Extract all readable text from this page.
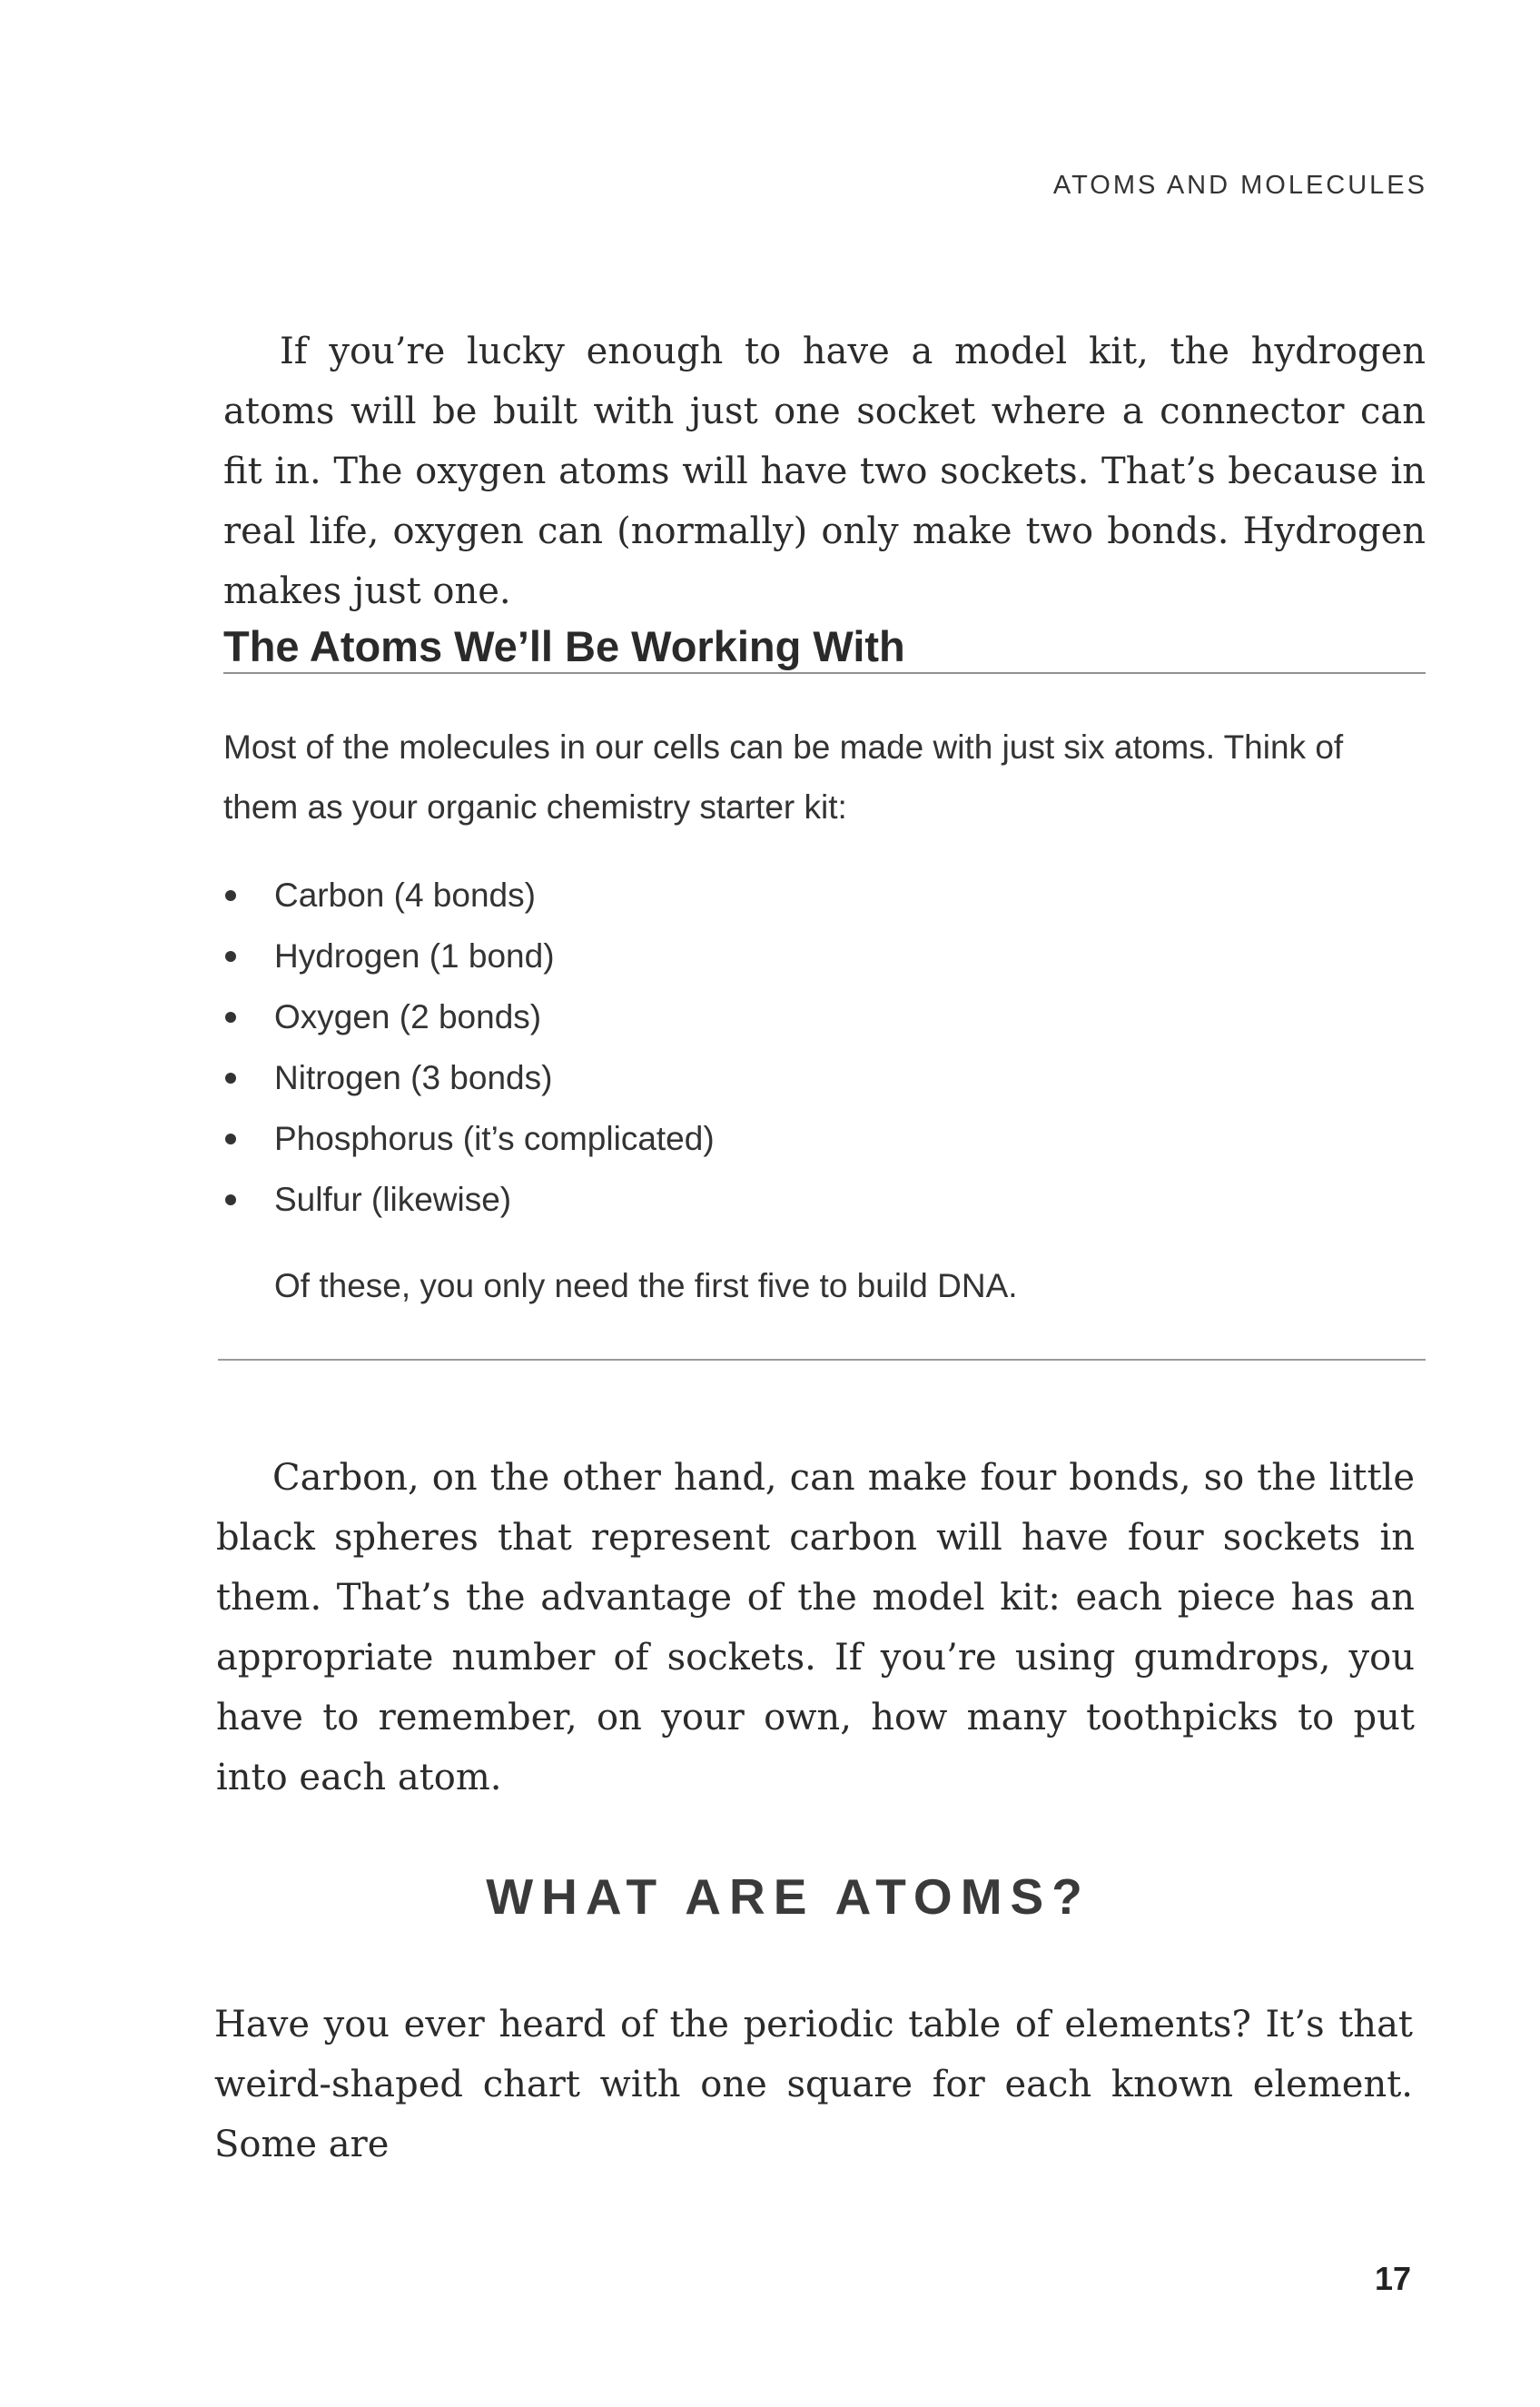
ATOMS AND MOLECULES

If you’re lucky enough to have a model kit, the hydrogen atoms will be built with just one socket where a connector can fit in. The oxygen atoms will have two sockets. That’s because in real life, oxygen can (normally) only make two bonds. Hydrogen makes just one.

The Atoms We’ll Be Working With

Most of the molecules in our cells can be made with just six atoms. Think of them as your organic chemistry starter kit:

Carbon (4 bonds)
Hydrogen (1 bond)
Oxygen (2 bonds)
Nitrogen (3 bonds)
Phosphorus (it’s complicated)
Sulfur (likewise)

Of these, you only need the first five to build DNA.

Carbon, on the other hand, can make four bonds, so the little black spheres that represent carbon will have four sockets in them. That’s the advantage of the model kit: each piece has an appropriate number of sockets. If you’re using gumdrops, you have to remember, on your own, how many toothpicks to put into each atom.

WHAT ARE ATOMS?

Have you ever heard of the periodic table of elements? It’s that weird-shaped chart with one square for each known element. Some are

17
